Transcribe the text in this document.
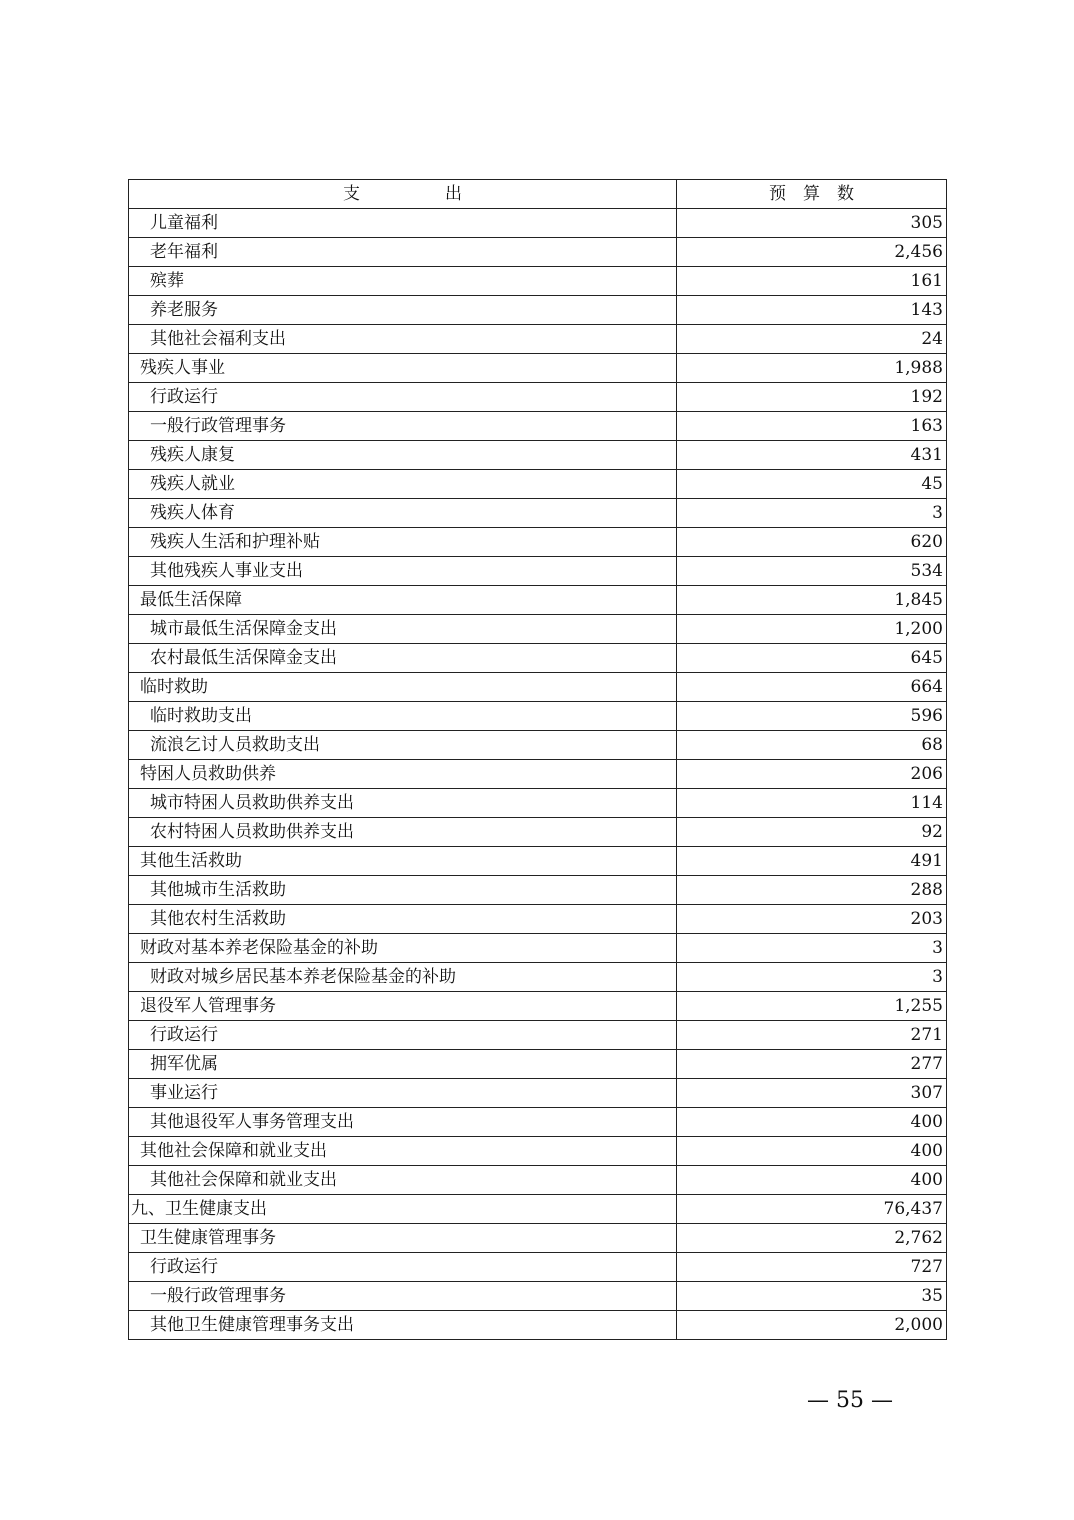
支　　　　　出	预　算　数
儿童福利	305
老年福利	2,456
殡葬	161
养老服务	143
其他社会福利支出	24
残疾人事业	1,988
行政运行	192
一般行政管理事务	163
残疾人康复	431
残疾人就业	45
残疾人体育	3
残疾人生活和护理补贴	620
其他残疾人事业支出	534
最低生活保障	1,845
城市最低生活保障金支出	1,200
农村最低生活保障金支出	645
临时救助	664
临时救助支出	596
流浪乞讨人员救助支出	68
特困人员救助供养	206
城市特困人员救助供养支出	114
农村特困人员救助供养支出	92
其他生活救助	491
其他城市生活救助	288
其他农村生活救助	203
财政对基本养老保险基金的补助	3
财政对城乡居民基本养老保险基金的补助	3
退役军人管理事务	1,255
行政运行	271
拥军优属	277
事业运行	307
其他退役军人事务管理支出	400
其他社会保障和就业支出	400
其他社会保障和就业支出	400
九、卫生健康支出	76,437
卫生健康管理事务	2,762
行政运行	727
一般行政管理事务	35
其他卫生健康管理事务支出	2,000
— 55 —
